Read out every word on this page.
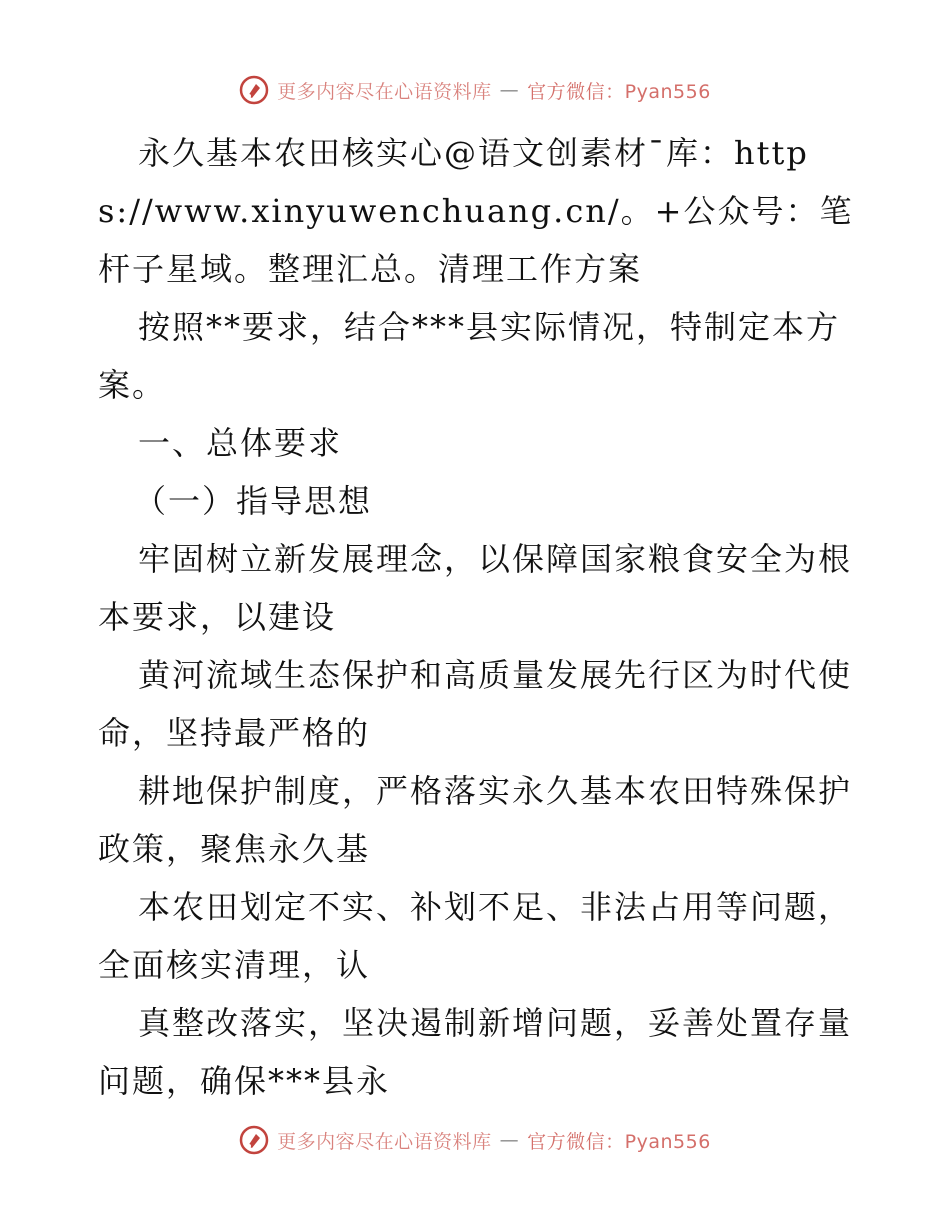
更多内容尽在心语资料库 — 官方微信：Pyan556

永久基本农田核实心@语文创素材¯库：https://www.xinyuwenchuang.cn/。+公众号：笔杆子星域。整理汇总。清理工作方案

按照**要求，结合***县实际情况，特制定本方案。

一、总体要求

（一）指导思想

牢固树立新发展理念，以保障国家粮食安全为根本要求，以建设

黄河流域生态保护和高质量发展先行区为时代使命，坚持最严格的

耕地保护制度，严格落实永久基本农田特殊保护政策，聚焦永久基

本农田划定不实、补划不足、非法占用等问题，全面核实清理，认

真整改落实，坚决遏制新增问题，妥善处置存量问题，确保***县永

更多内容尽在心语资料库 — 官方微信：Pyan556
